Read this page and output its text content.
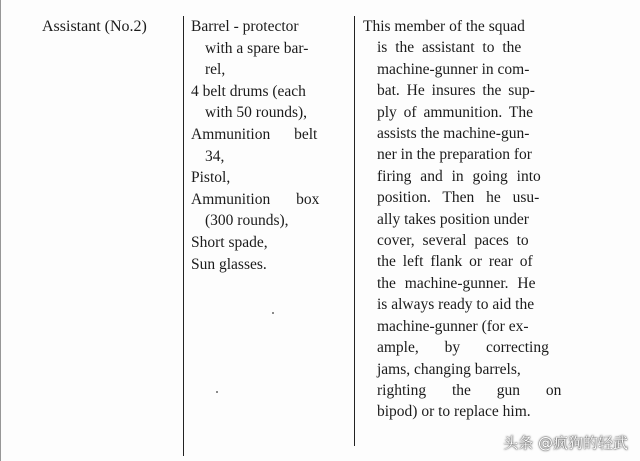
Assistant (No.2)	Barrel - protector
with a spare bar-
rel,
4 belt drums (each
with 50 rounds),
Ammunition belt
34,
Pistol,
Ammunition box
(300 rounds),
Short spade,
Sun glasses.
This member of the squad
is the assistant to the
machine-gunner in com-
bat. He insures the sup-
ply of ammunition. The
assists the machine-gun-
ner in the preparation for
firing and in going into
position. Then he usu-
ally takes position under
cover, several paces to
the left flank or rear of
the machine-gunner. He
is always ready to aid the
machine-gunner (for ex-
ample, by correcting
jams, changing barrels,
righting the gun on
bipod) or to replace him.
头条 @疯狗的轻武
